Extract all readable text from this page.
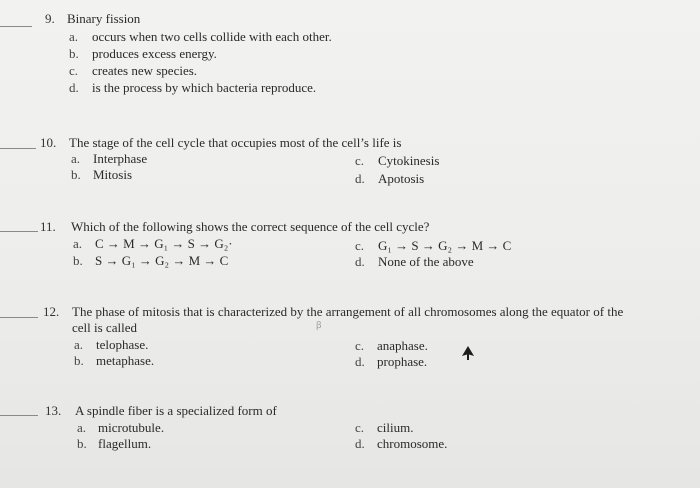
9. Binary fission
a. occurs when two cells collide with each other.
b. produces excess energy.
c. creates new species.
d. is the process by which bacteria reproduce.
10. The stage of the cell cycle that occupies most of the cell’s life is
a. Interphase
b. Mitosis
c. Cytokinesis
d. Apotosis
11. Which of the following shows the correct sequence of the cell cycle?
a. C → M → G₁ → S → G₂·
b. S → G₁ → G₂ → M → C
c. G₁ → S → G₂ → M → C
d. None of the above
12. The phase of mitosis that is characterized by the arrangement of all chromosomes along the equator of the
cell is called	ꞵ
a. telophase.
b. metaphase.
c. anaphase.
d. prophase.
13. A spindle fiber is a specialized form of
a. microtubule.
b. flagellum.
c. cilium.
d. chromosome.
